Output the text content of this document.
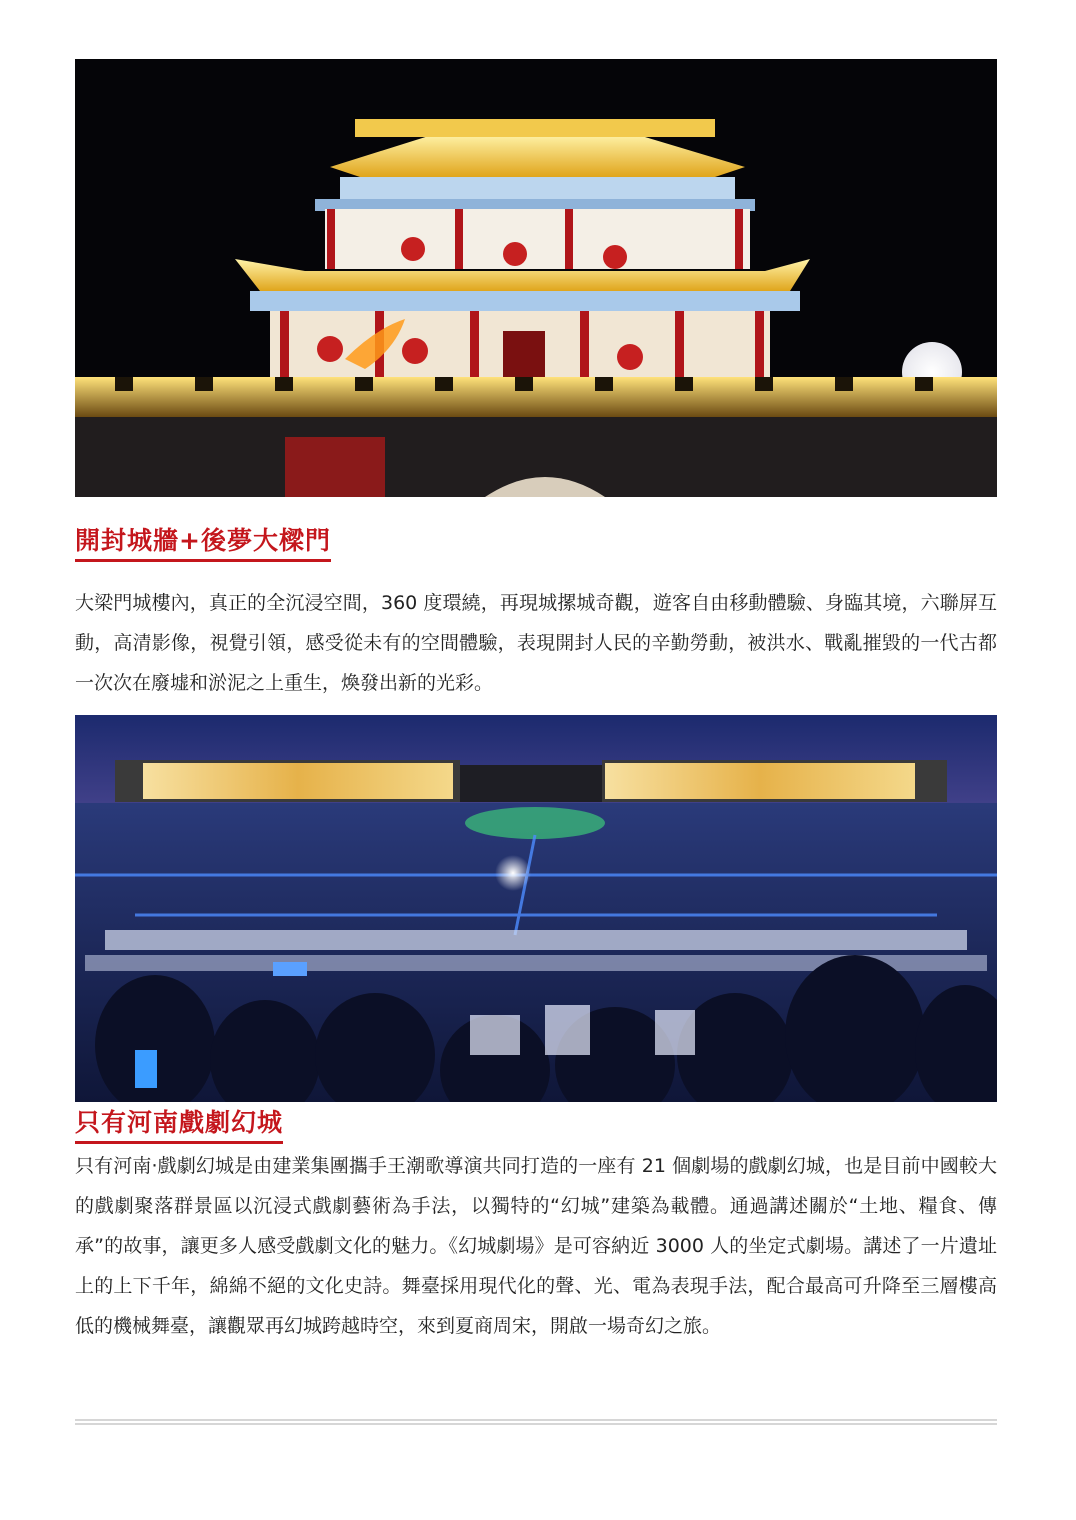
開封城牆+後夢大樑門

大梁門城樓內，真正的全沉浸空間，360 度環繞，再現城摞城奇觀，遊客自由移動體驗、身臨其境，六聯屏互動，高清影像，視覺引領，感受從未有的空間體驗，表現開封人民的辛勤勞動，被洪水、戰亂摧毀的一代古都一次次在廢墟和淤泥之上重生，煥發出新的光彩。

只有河南戲劇幻城

只有河南·戲劇幻城是由建業集團攜手王潮歌導演共同打造的一座有 21 個劇場的戲劇幻城，也是目前中國較大的戲劇聚落群景區以沉浸式戲劇藝術為手法，以獨特的“幻城”建築為載體。通過講述關於“土地、糧食、傳承”的故事，讓更多人感受戲劇文化的魅力。《幻城劇場》是可容納近 3000 人的坐定式劇場。講述了一片遺址上的上下千年，綿綿不絕的文化史詩。舞臺採用現代化的聲、光、電為表現手法，配合最高可升降至三層樓高低的機械舞臺，讓觀眾再幻城跨越時空，來到夏商周宋，開啟一場奇幻之旅。
